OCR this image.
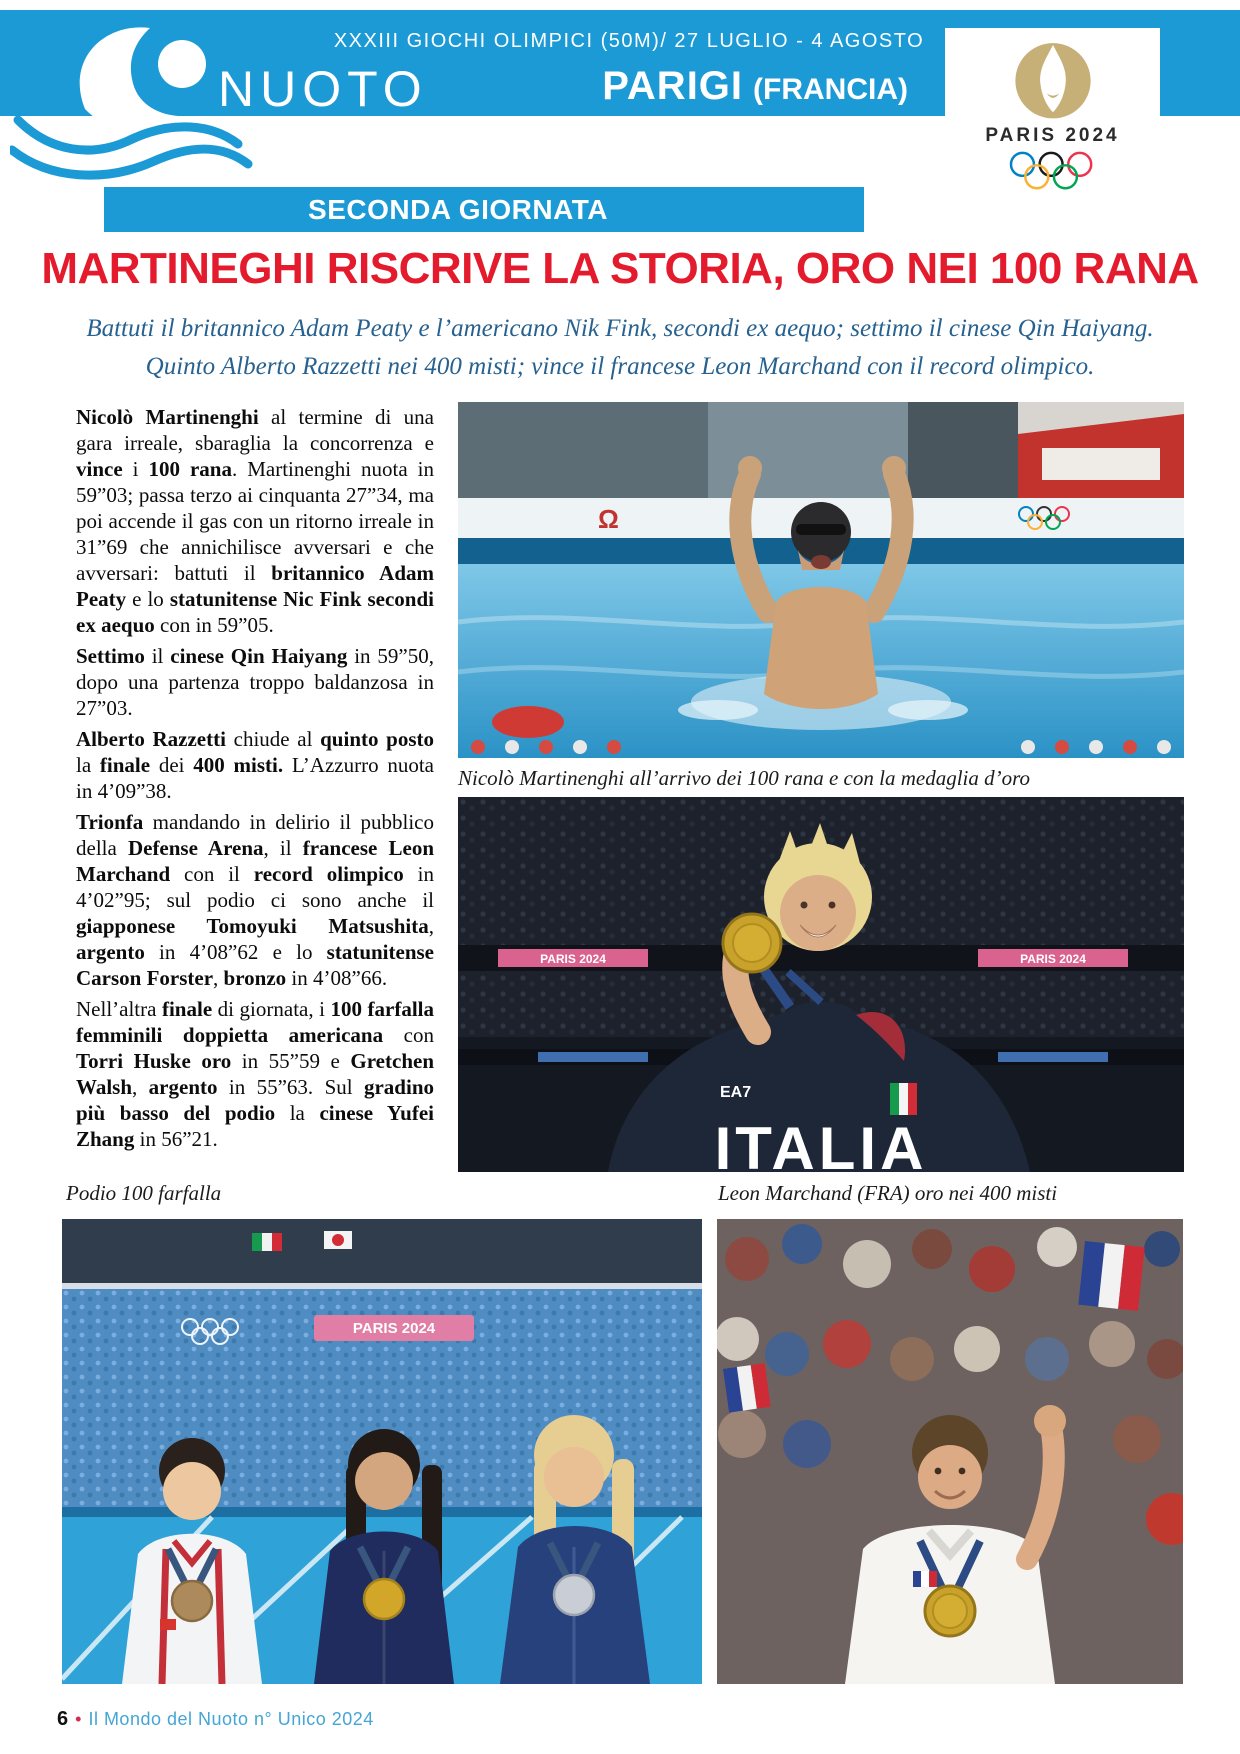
XXXIII GIOCHI OLIMPICI (50M)/ 27 LUGLIO - 4 AGOSTO
NUOTO	PARIGI (FRANCIA)
PARIS 2024
SECONDA GIORNATA
MARTINEGHI RISCRIVE LA STORIA, ORO NEI 100 RANA
Battuti il britannico Adam Peaty e l’americano Nik Fink, secondi ex aequo; settimo il cinese Qin Haiyang.
Quinto Alberto Razzetti nei 400 misti; vince il francese Leon Marchand con il record olimpico.
Nicolò Martinenghi al termine di una gara irreale, sbaraglia la concorrenza e vince i 100 rana. Martinenghi nuota in 59”03; passa terzo ai cinquanta 27”34, ma poi accende il gas con un ritorno irreale in 31”69 che annichilisce avversari e che avversari: battuti il britannico Adam Peaty e lo statunitense Nic Fink secondi ex aequo con in 59”05.
Settimo il cinese Qin Haiyang in 59”50, dopo una partenza troppo baldanzosa in 27”03.
Alberto Razzetti chiude al quinto posto la finale dei 400 misti. L’Azzurro nuota in 4’09”38.
Trionfa mandando in delirio il pubblico della Defense Arena, il francese Leon Marchand con il record olimpico in 4’02”95; sul podio ci sono anche il giapponese Tomoyuki Matsushita, argento in 4’08”62 e lo statunitense Carson Forster, bronzo in 4’08”66.
Nell’altra finale di giornata, i 100 farfalla femminili doppietta americana con Torri Huske oro in 55”59 e Gretchen Walsh, argento in 55”63. Sul gradino più basso del podio la cinese Yufei Zhang in 56”21.
Ω
Nicolò Martinenghi all’arrivo dei 100 rana e con la medaglia d’oro
PARIS 2024	PARIS 2024
EA7
ITALIA
Podio 100 farfalla	Leon Marchand (FRA) oro nei 400 misti
PARIS 2024
6 • Il Mondo del Nuoto n° Unico 2024
